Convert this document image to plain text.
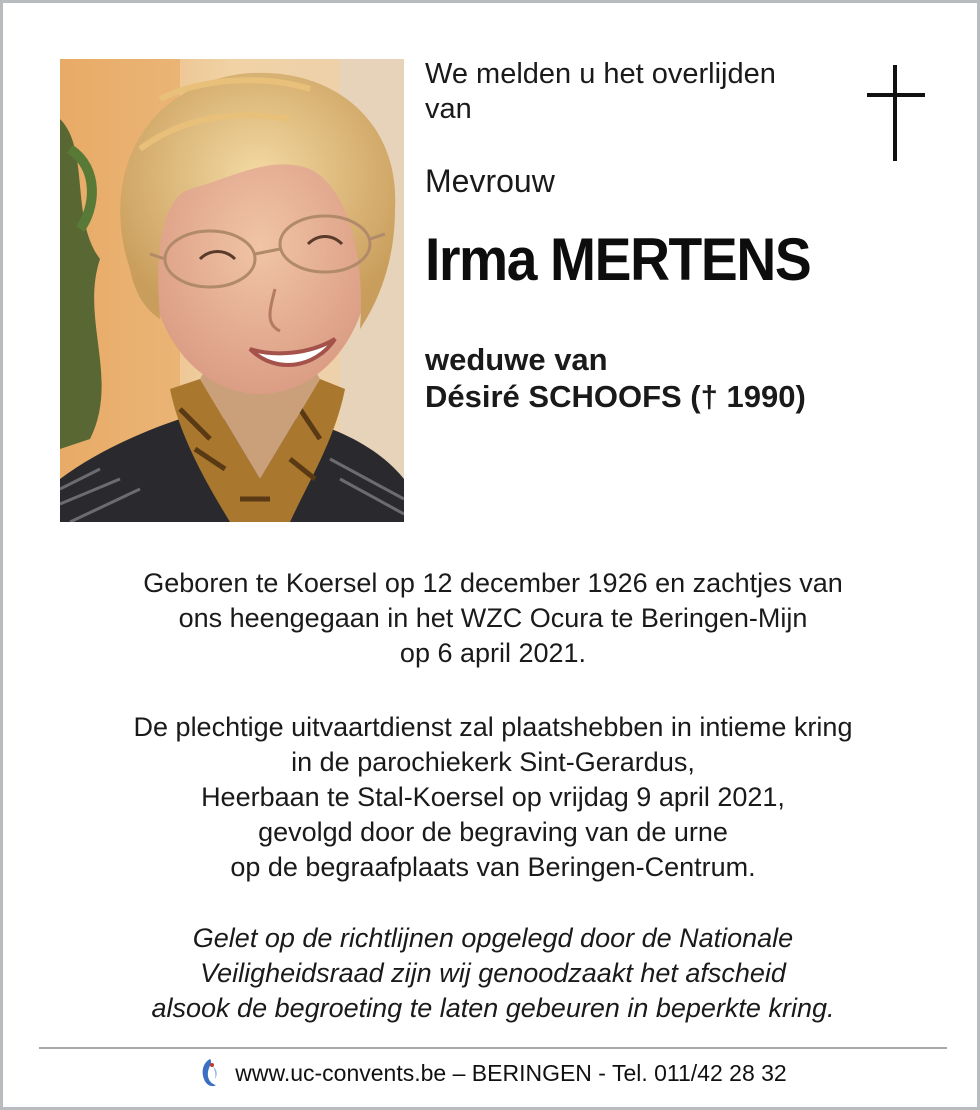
We melden u het overlijden
van
Mevrouw
Irma MERTENS
weduwe van
Désiré SCHOOFS († 1990)
Geboren te Koersel op 12 december 1926 en zachtjes van
ons heengegaan in het WZC Ocura te Beringen-Mijn
op 6 april 2021.
De plechtige uitvaartdienst zal plaatshebben in intieme kring
in de parochiekerk Sint-Gerardus,
Heerbaan te Stal-Koersel op vrijdag 9 april 2021,
gevolgd door de begraving van de urne
op de begraafplaats van Beringen-Centrum.
Gelet op de richtlijnen opgelegd door de Nationale
Veiligheidsraad zijn wij genoodzaakt het afscheid
alsook de begroeting te laten gebeuren in beperkte kring.
www.uc-convents.be – BERINGEN - Tel. 011/42 28 32
